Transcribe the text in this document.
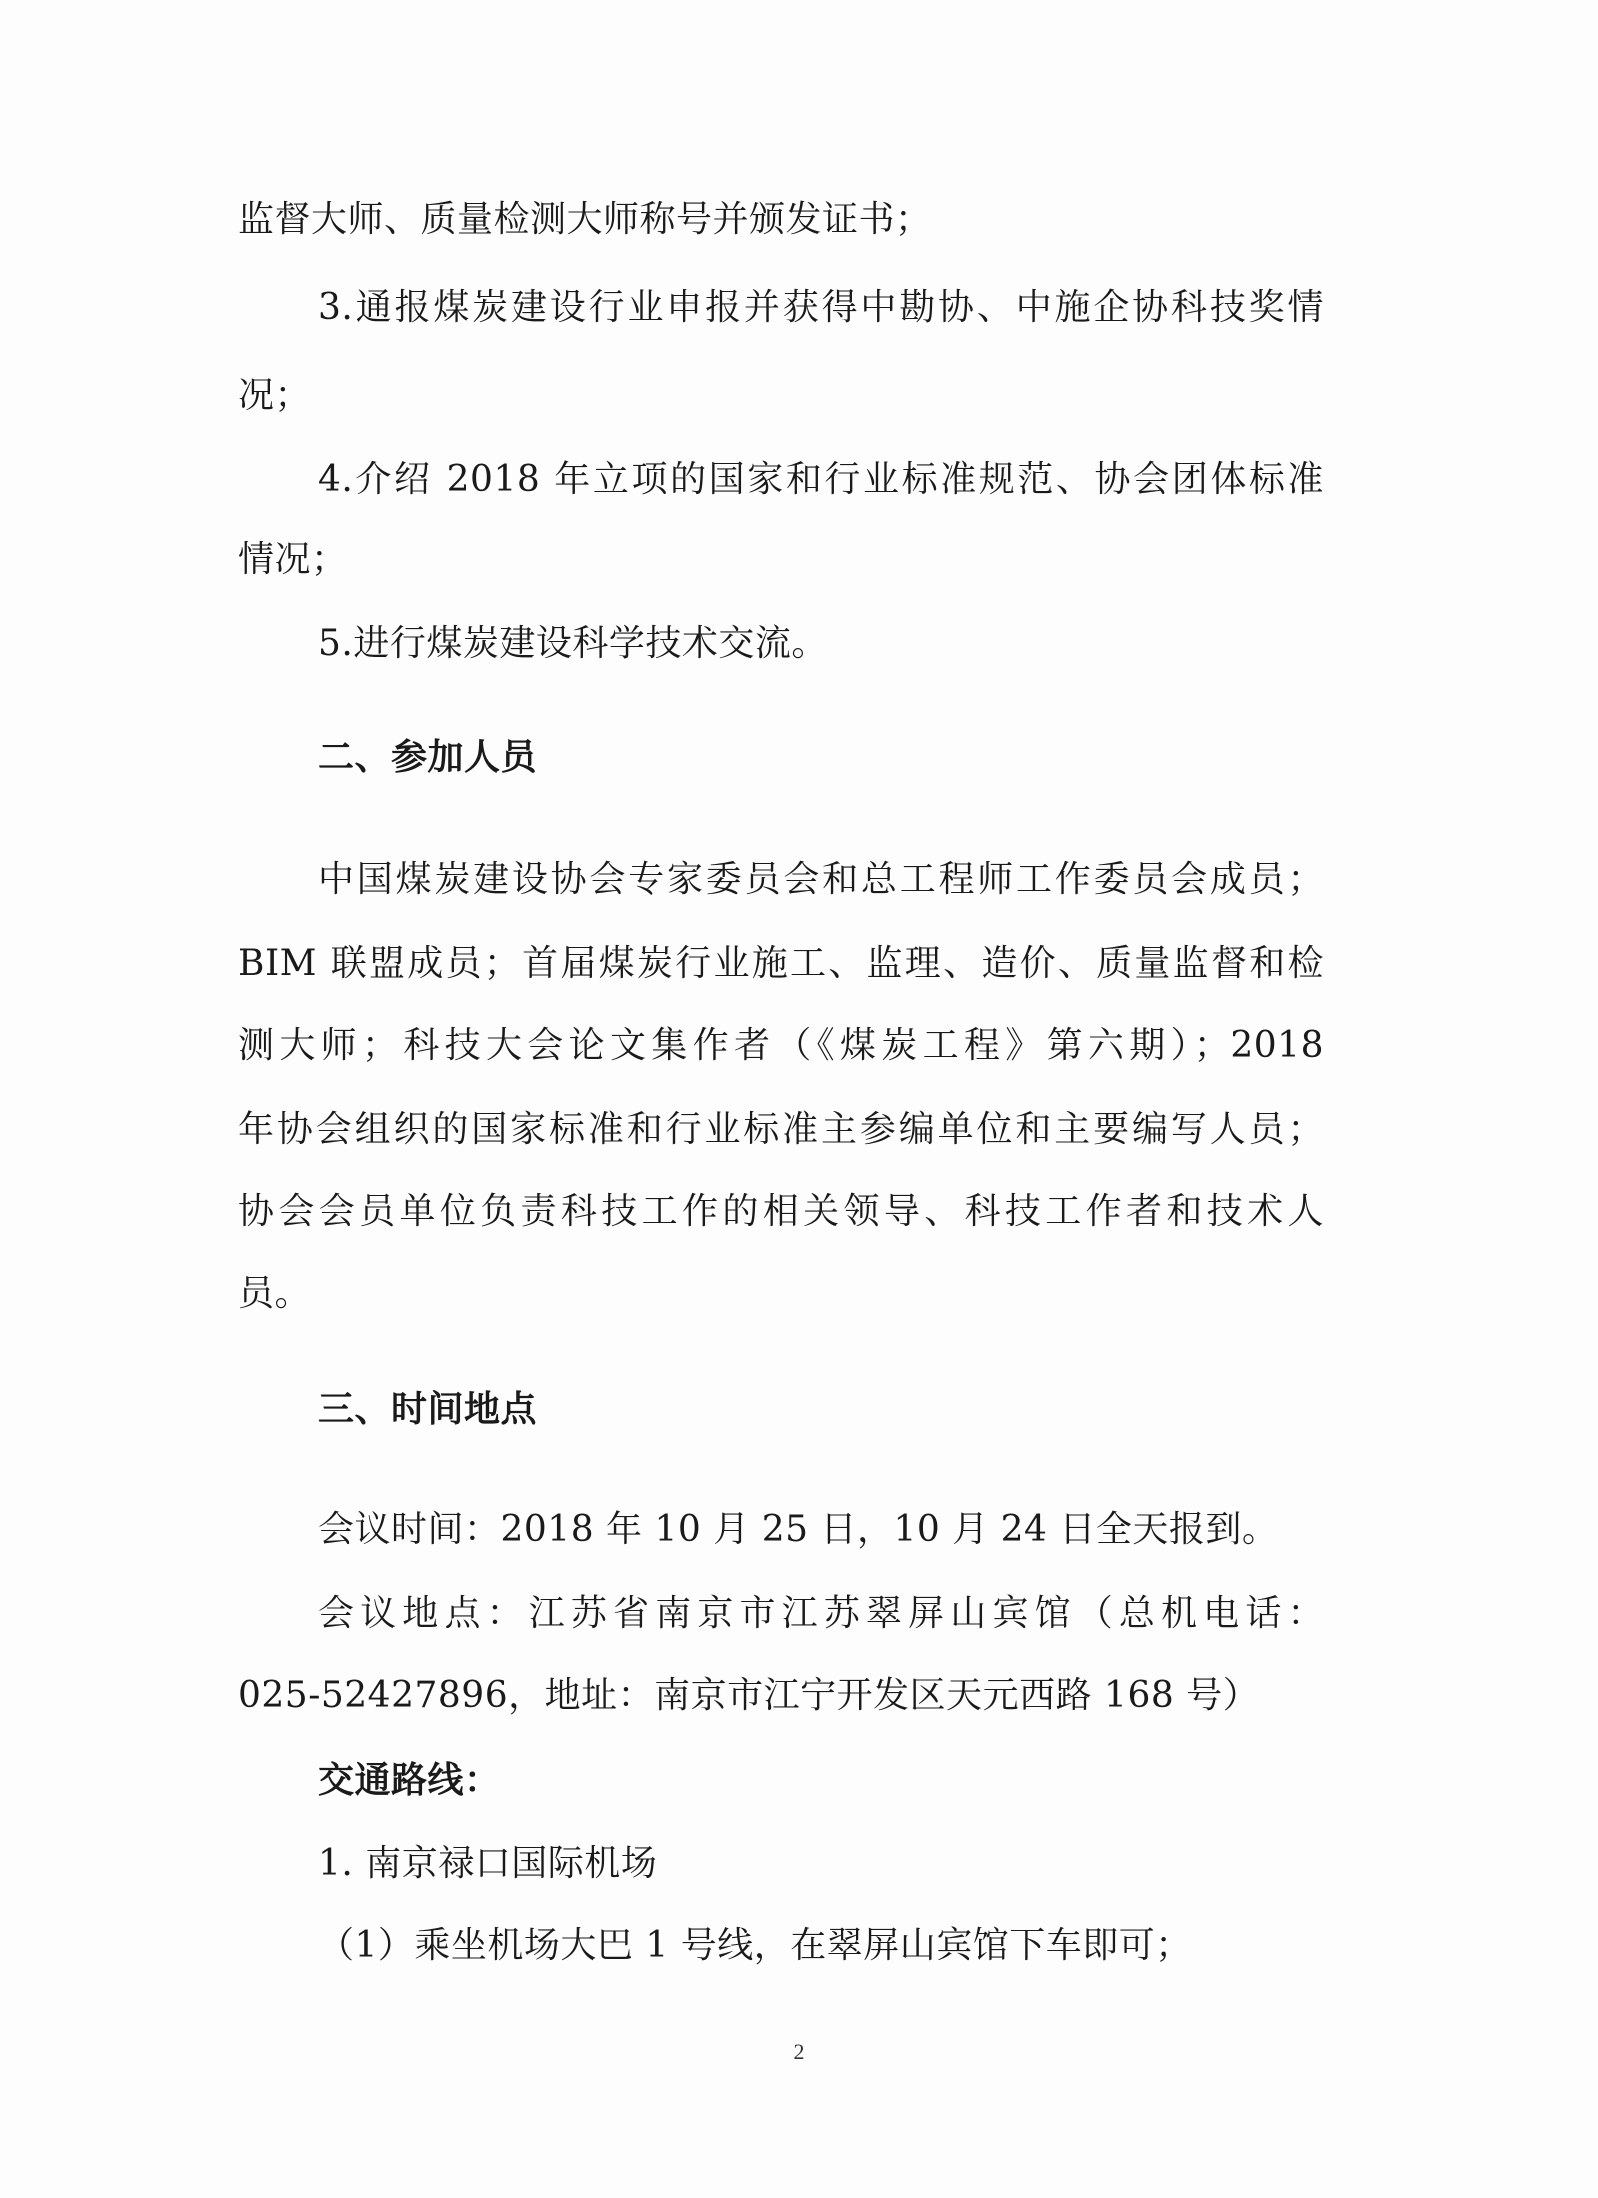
监督大师、质量检测大师称号并颁发证书；
3.通报煤炭建设行业申报并获得中勘协、中施企协科技奖情
况；
4.介绍 2018 年立项的国家和行业标准规范、协会团体标准
情况；
5.进行煤炭建设科学技术交流。
二、参加人员
中国煤炭建设协会专家委员会和总工程师工作委员会成员；
BIM 联盟成员；首届煤炭行业施工、监理、造价、质量监督和检
测大师；科技大会论文集作者（《煤炭工程》第六期）；2018
年协会组织的国家标准和行业标准主参编单位和主要编写人员；
协会会员单位负责科技工作的相关领导、科技工作者和技术人
员。
三、时间地点
会议时间：2018 年 10 月 25 日，10 月 24 日全天报到。
会议地点：江苏省南京市江苏翠屏山宾馆（总机电话：
025-52427896，地址：南京市江宁开发区天元西路 168 号）
交通路线：
1. 南京禄口国际机场
（1）乘坐机场大巴 1 号线，在翠屏山宾馆下车即可；
2
